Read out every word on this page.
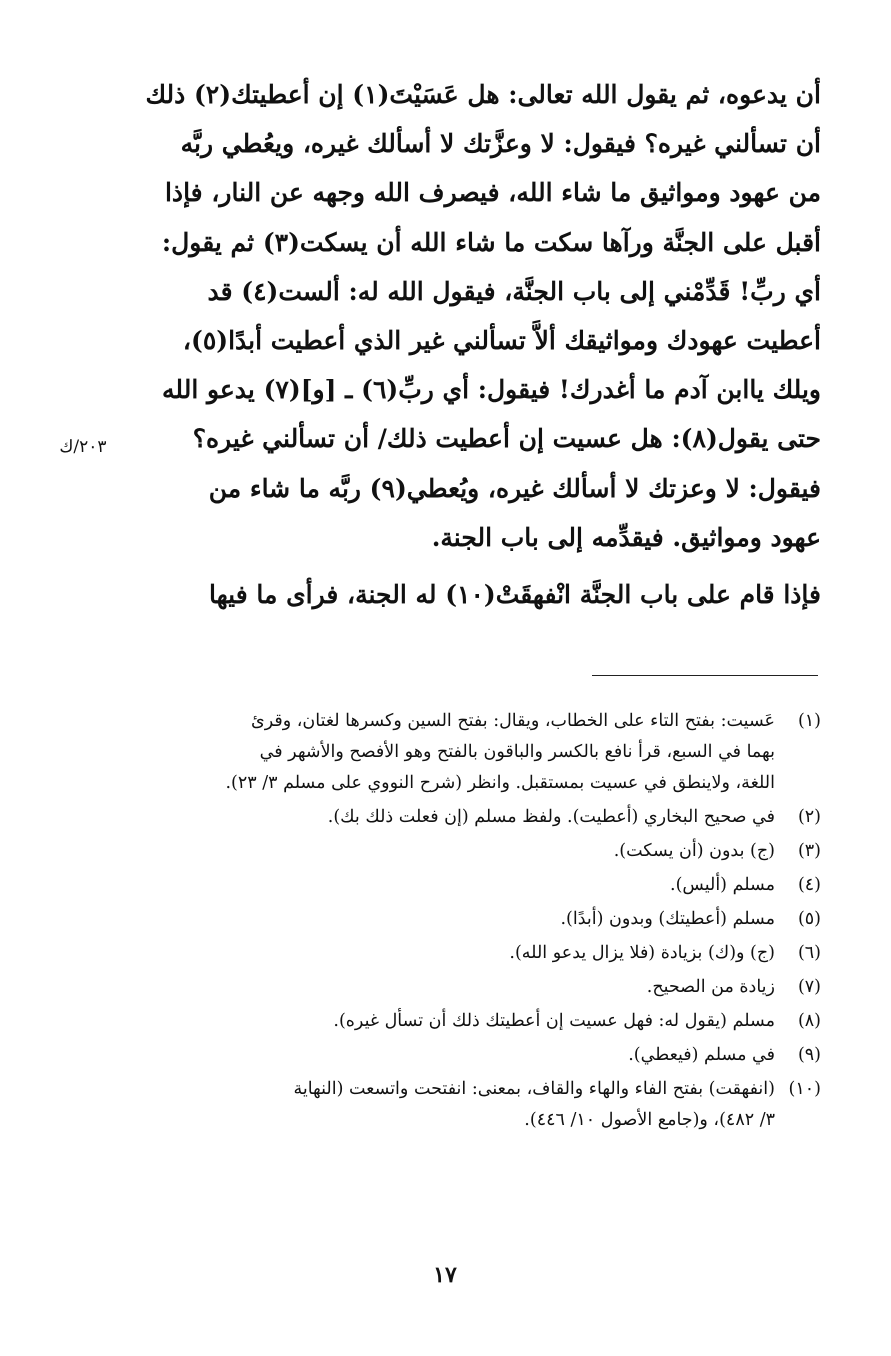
أن يدعوه، ثم يقول الله تعالى: هل عَسَيْتَ(١) إن أعطيتك(٢) ذلك
أن تسألني غيره؟ فيقول: لا وعزَّتك لا أسألك غيره، ويعُطي ربَّه
من عهود ومواثيق ما شاء الله، فيصرف الله وجهه عن النار، فإذا
أقبل على الجنَّة ورآها سكت ما شاء الله أن يسكت(٣) ثم يقول:
أي ربِّ! قَدِّمْني إلى باب الجنَّة، فيقول الله له: ألست(٤) قد
أعطيت عهودك ومواثيقك ألاَّ تسألني غير الذي أعطيت أبدًا(٥)،
ويلك ياابن آدم ما أغدرك! فيقول: أي ربِّ(٦) ـ [و](٧) يدعو الله
حتى يقول(٨): هل عسيت إن أعطيت ذلك/ أن تسألني غيره؟
فيقول: لا وعزتك لا أسألك غيره، ويُعطي(٩) ربَّه ما شاء من
عهود ومواثيق. فيقدِّمه إلى باب الجنة.
فإذا قام على باب الجنَّة انْفهقَتْ(١٠) له الجنة، فرأى ما فيها
٢٠٣/ك
(١)
عَسيت: بفتح التاء على الخطاب، ويقال: بفتح السين وكسرها لغتان، وقرئ
بهما في السبع، قرأ نافع بالكسر والباقون بالفتح وهو الأفصح والأشهر في
اللغة، ولاينطق في عسيت بمستقبل. وانظر (شرح النووي على مسلم ٣/ ٢٣).
(٢)
في صحيح البخاري (أعطيت). ولفظ مسلم (إن فعلت ذلك بك).
(٣)
(ج) بدون (أن يسكت).
(٤)
مسلم (أليس).
(٥)
مسلم (أعطيتك) وبدون (أبدًا).
(٦)
(ج) و(ك) بزيادة (فلا يزال يدعو الله).
(٧)
زيادة من الصحيح.
(٨)
مسلم (يقول له: فهل عسيت إن أعطيتك ذلك أن تسأل غيره).
(٩)
في مسلم (فيعطي).
(١٠)
(انفهقت) بفتح الفاء والهاء والقاف، بمعنى: انفتحت واتسعت (النهاية
٣/ ٤٨٢)، و(جامع الأصول ١٠/ ٤٤٦).
١٧
